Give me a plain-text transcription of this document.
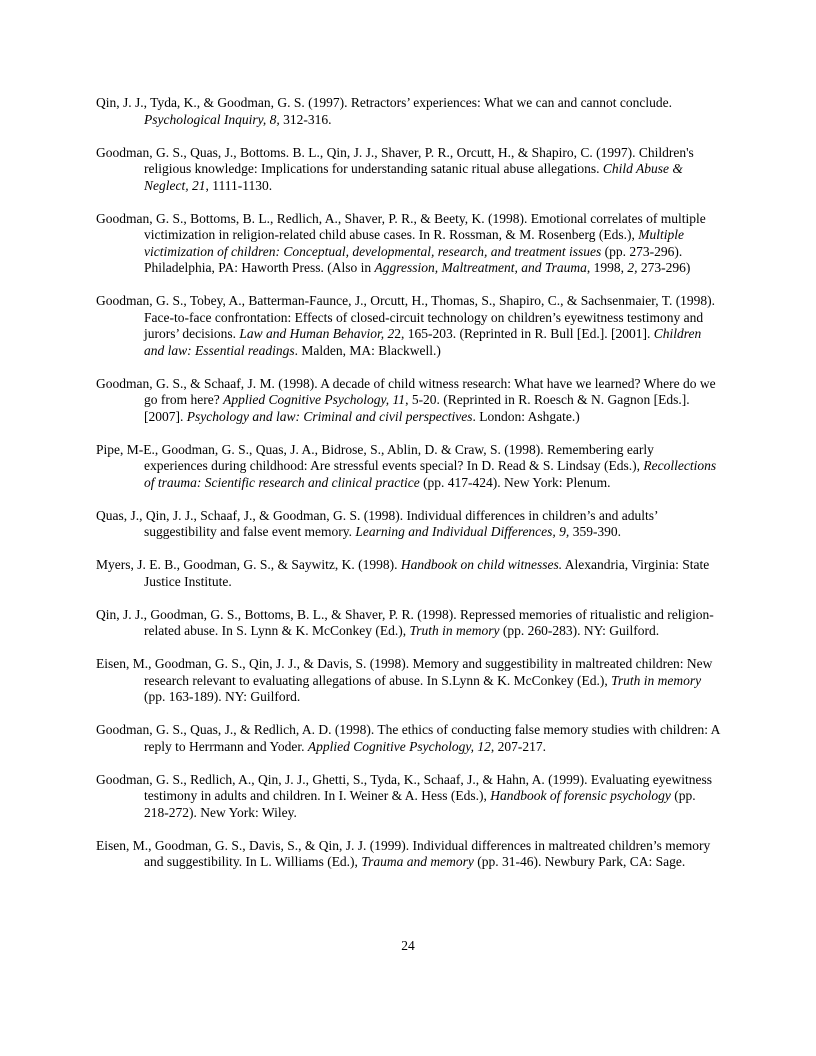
Qin, J. J., Tyda, K., & Goodman, G. S. (1997). Retractors’ experiences: What we can and cannot conclude. Psychological Inquiry, 8, 312-316.

Goodman, G. S., Quas, J., Bottoms. B. L., Qin, J. J., Shaver, P. R., Orcutt, H., & Shapiro, C. (1997). Children's religious knowledge: Implications for understanding satanic ritual abuse allegations. Child Abuse & Neglect, 21, 1111-1130.

Goodman, G. S., Bottoms, B. L., Redlich, A., Shaver, P. R., & Beety, K. (1998). Emotional correlates of multiple victimization in religion-related child abuse cases. In R. Rossman, & M. Rosenberg (Eds.), Multiple victimization of children: Conceptual, developmental, research, and treatment issues (pp. 273-296). Philadelphia, PA: Haworth Press. (Also in Aggression, Maltreatment, and Trauma, 1998, 2, 273-296)

Goodman, G. S., Tobey, A., Batterman-Faunce, J., Orcutt, H., Thomas, S., Shapiro, C., & Sachsenmaier, T. (1998). Face-to-face confrontation: Effects of closed-circuit technology on children’s eyewitness testimony and jurors’ decisions. Law and Human Behavior, 22, 165-203. (Reprinted in R. Bull [Ed.]. [2001]. Children and law: Essential readings. Malden, MA: Blackwell.)

Goodman, G. S., & Schaaf, J. M. (1998). A decade of child witness research: What have we learned? Where do we go from here? Applied Cognitive Psychology, 11, 5-20. (Reprinted in R. Roesch & N. Gagnon [Eds.]. [2007]. Psychology and law: Criminal and civil perspectives. London: Ashgate.)

Pipe, M-E., Goodman, G. S., Quas, J. A., Bidrose, S., Ablin, D. & Craw, S. (1998). Remembering early experiences during childhood: Are stressful events special? In D. Read & S. Lindsay (Eds.), Recollections of trauma: Scientific research and clinical practice (pp. 417-424). New York: Plenum.

Quas, J., Qin, J. J., Schaaf, J., & Goodman, G. S. (1998). Individual differences in children’s and adults’ suggestibility and false event memory. Learning and Individual Differences, 9, 359-390.

Myers, J. E. B., Goodman, G. S., & Saywitz, K. (1998). Handbook on child witnesses. Alexandria, Virginia: State Justice Institute.

Qin, J. J., Goodman, G. S., Bottoms, B. L., & Shaver, P. R. (1998). Repressed memories of ritualistic and religion-related abuse. In S. Lynn & K. McConkey (Ed.), Truth in memory (pp. 260-283). NY: Guilford.

Eisen, M., Goodman, G. S., Qin, J. J., & Davis, S. (1998). Memory and suggestibility in maltreated children: New research relevant to evaluating allegations of abuse. In S.Lynn & K. McConkey (Ed.), Truth in memory (pp. 163-189). NY: Guilford.

Goodman, G. S., Quas, J., & Redlich, A. D. (1998). The ethics of conducting false memory studies with children: A reply to Herrmann and Yoder. Applied Cognitive Psychology, 12, 207-217.

Goodman, G. S., Redlich, A., Qin, J. J., Ghetti, S., Tyda, K., Schaaf, J., & Hahn, A. (1999). Evaluating eyewitness testimony in adults and children. In I. Weiner & A. Hess (Eds.), Handbook of forensic psychology (pp. 218-272). New York: Wiley.

Eisen, M., Goodman, G. S., Davis, S., & Qin, J. J. (1999). Individual differences in maltreated children’s memory and suggestibility. In L. Williams (Ed.), Trauma and memory (pp. 31-46). Newbury Park, CA: Sage.

24
